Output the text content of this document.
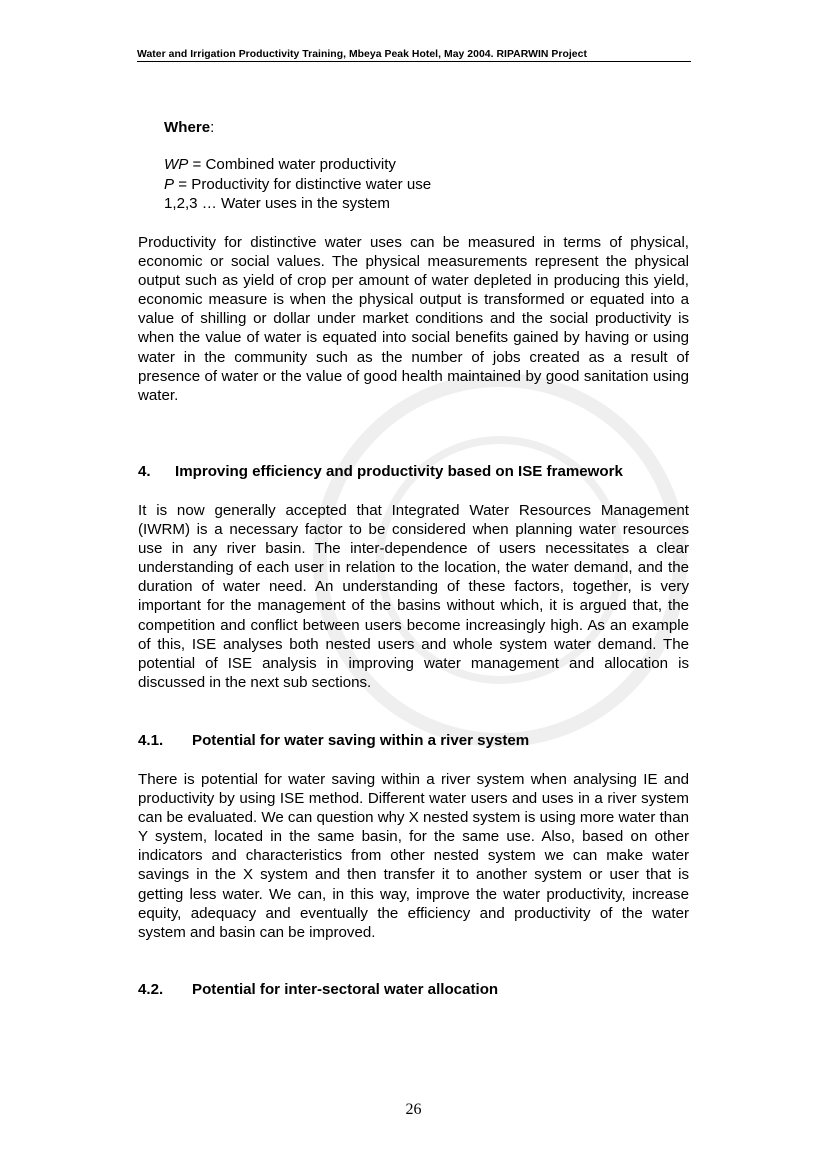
Water and Irrigation Productivity Training, Mbeya Peak Hotel, May 2004. RIPARWIN Project
Where:
WP = Combined water productivity
P = Productivity for distinctive water use
1,2,3 … Water uses in the system

Productivity for distinctive water uses can be measured in terms of physical, economic or social values. The physical measurements represent the physical output such as yield of crop per amount of water depleted in producing this yield, economic measure is when the physical output is transformed or equated into a value of shilling or dollar under market conditions and the social productivity is when the value of water is equated into social benefits gained by having or using water in the community such as the number of jobs created as a result of presence of water or the value of good health maintained by good sanitation using water.

4. Improving efficiency and productivity based on ISE framework

It is now generally accepted that Integrated Water Resources Management (IWRM) is a necessary factor to be considered when planning water resources use in any river basin. The inter-dependence of users necessitates a clear understanding of each user in relation to the location, the water demand, and the duration of water need. An understanding of these factors, together, is very important for the management of the basins without which, it is argued that, the competition and conflict between users become increasingly high. As an example of this, ISE analyses both nested users and whole system water demand. The potential of ISE analysis in improving water management and allocation is discussed in the next sub sections.

4.1. Potential for water saving within a river system

There is potential for water saving within a river system when analysing IE and productivity by using ISE method. Different water users and uses in a river system can be evaluated. We can question why X nested system is using more water than Y system, located in the same basin, for the same use. Also, based on other indicators and characteristics from other nested system we can make water savings in the X system and then transfer it to another system or user that is getting less water. We can, in this way, improve the water productivity, increase equity, adequacy and eventually the efficiency and productivity of the water system and basin can be improved.

4.2. Potential for inter-sectoral water allocation
26
